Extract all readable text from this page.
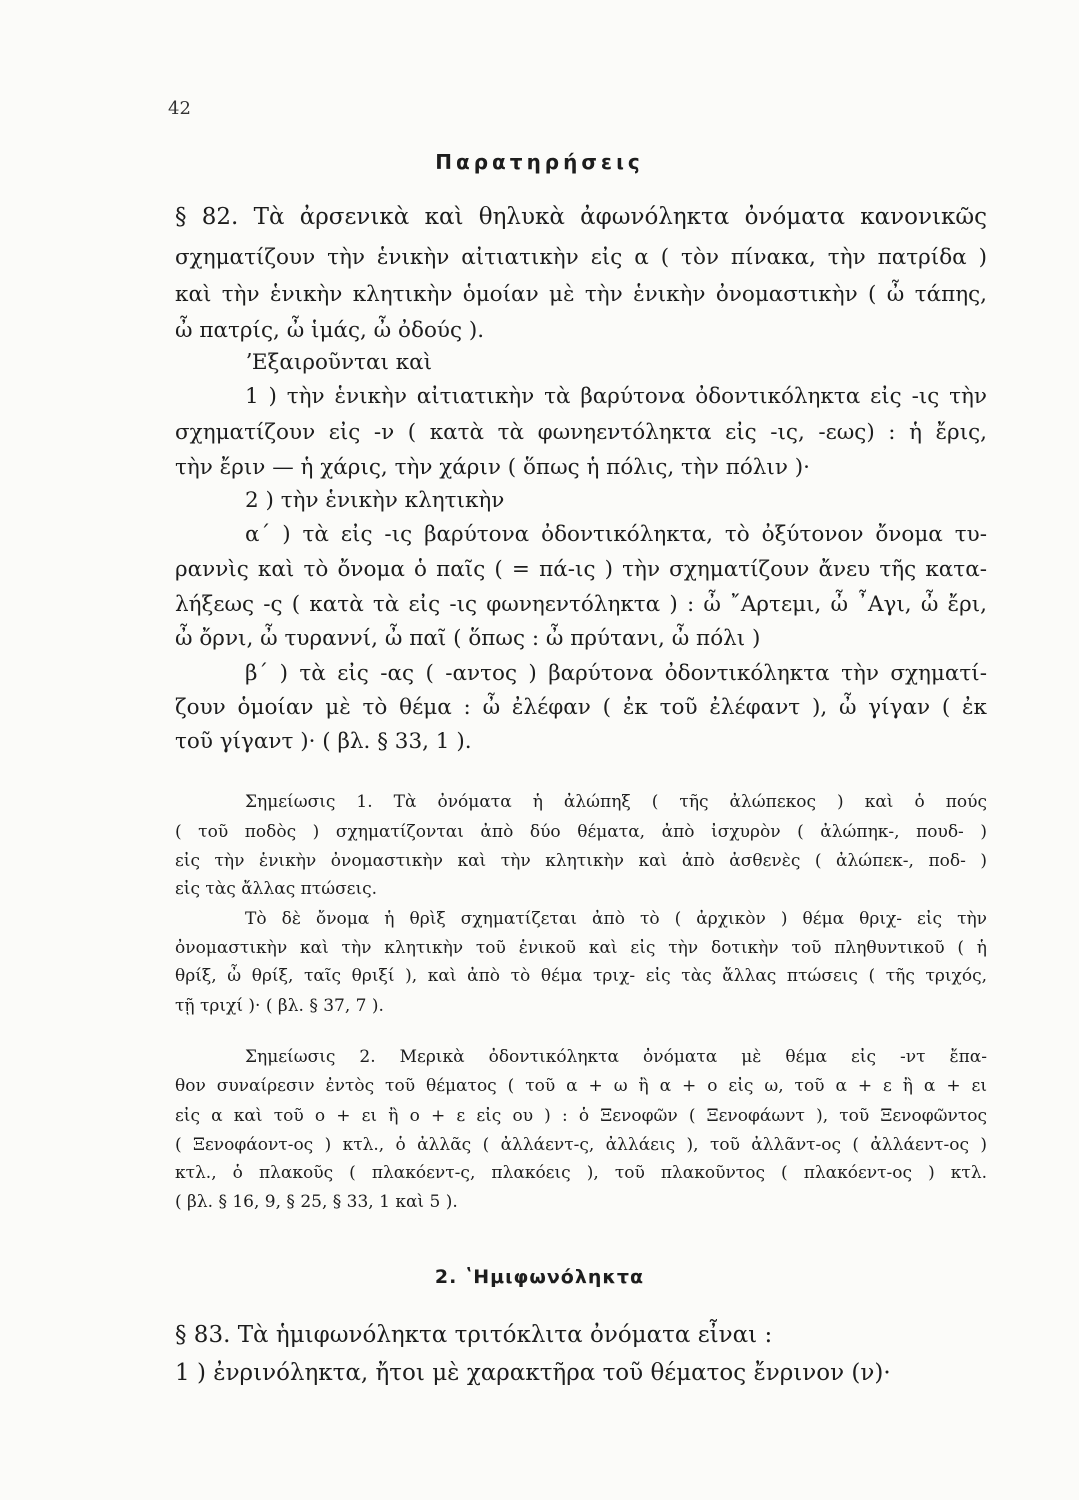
42
Παρατηρήσεις
§ 82. Τὰ ἀρσενικὰ καὶ θηλυκὰ ἀφωνόληκτα ὀνόματα κανονικῶς
σχηματίζουν τὴν ἑνικὴν αἰτιατικὴν εἰς α ( τὸν πίνακα, τὴν πατρίδα )
καὶ τὴν ἑνικὴν κλητικὴν ὁμοίαν μὲ τὴν ἑνικὴν ὀνομαστικὴν ( ὦ τάπης,
ὦ πατρίς, ὦ ἱμάς, ὦ ὀδούς ).
ʼΕξαιροῦνται καὶ
1 ) τὴν ἑνικὴν αἰτιατικὴν τὰ βαρύτονα ὀδοντικόληκτα εἰς -ις τὴν
σχηματίζουν εἰς -ν ( κατὰ τὰ φωνηεντόληκτα εἰς -ις, -εως) : ἡ ἔρις,
τὴν ἔριν — ἡ χάρις, τὴν χάριν ( ὅπως ἡ πόλις, τὴν πόλιν )·
2 ) τὴν ἑνικὴν κλητικὴν
α΄ ) τὰ εἰς -ις βαρύτονα ὀδοντικόληκτα, τὸ ὀξύτονον ὄνομα τυ-
ραννὶς καὶ τὸ ὄνομα ὁ παῖς ( = πά-ις ) τὴν σχηματίζουν ἄνευ τῆς κατα-
λήξεως -ς ( κατὰ τὰ εἰς -ις φωνηεντόληκτα ) : ὦ ῎Αρτεμι, ὦ ῏Αγι, ὦ ἔρι,
ὦ ὄρνι, ὦ τυραννί, ὦ παῖ ( ὅπως : ὦ πρύτανι, ὦ πόλι )
β΄ ) τὰ εἰς -ας ( -αντος ) βαρύτονα ὀδοντικόληκτα τὴν σχηματί-
ζουν ὁμοίαν μὲ τὸ θέμα : ὦ ἐλέφαν ( ἐκ τοῦ ἐλέφαντ ), ὦ γίγαν ( ἐκ
τοῦ γίγαντ )· ( βλ. § 33, 1 ).
Σημείωσις 1. Τὰ ὀνόματα ἡ ἀλώπηξ ( τῆς ἀλώπεκος ) καὶ ὁ πούς
( τοῦ ποδὸς ) σχηματίζονται ἀπὸ δύο θέματα, ἀπὸ ἰσχυρὸν ( ἀλώπηκ-, πουδ- )
εἰς τὴν ἑνικὴν ὀνομαστικὴν καὶ τὴν κλητικὴν καὶ ἀπὸ ἀσθενὲς ( ἀλώπεκ-, ποδ- )
εἰς τὰς ἄλλας πτώσεις.
Τὸ δὲ ὄνομα ἡ θρὶξ σχηματίζεται ἀπὸ τὸ ( ἀρχικὸν ) θέμα θριχ- εἰς τὴν
ὀνομαστικὴν καὶ τὴν κλητικὴν τοῦ ἑνικοῦ καὶ εἰς τὴν δοτικὴν τοῦ πληθυντικοῦ ( ἡ
θρίξ, ὦ θρίξ, ταῖς θριξί ), καὶ ἀπὸ τὸ θέμα τριχ- εἰς τὰς ἄλλας πτώσεις ( τῆς τριχός,
τῇ τριχί )· ( βλ. § 37, 7 ).
Σημείωσις 2. Μερικὰ ὀδοντικόληκτα ὀνόματα μὲ θέμα εἰς -ντ ἔπα-
θον συναίρεσιν ἐντὸς τοῦ θέματος ( τοῦ α + ω ἢ α + ο εἰς ω, τοῦ α + ε ἢ α + ει
εἰς α καὶ τοῦ ο + ει ἢ ο + ε εἰς ου ) : ὁ Ξενοφῶν ( Ξενοφάωντ ), τοῦ Ξενοφῶντος
( Ξενοφάοντ-ος ) κτλ., ὁ ἀλλᾶς ( ἀλλάεντ-ς, ἀλλάεις ), τοῦ ἀλλᾶντ-ος ( ἀλλάεντ-ος )
κτλ., ὁ πλακοῦς ( πλακόεντ-ς, πλακόεις ), τοῦ πλακοῦντος ( πλακόεντ-ος ) κτλ.
( βλ. § 16, 9, § 25, § 33, 1 καὶ 5 ).
2. ʽΗμιφωνόληκτα
§ 83. Τὰ ἡμιφωνόληκτα τριτόκλιτα ὀνόματα εἶναι :
1 ) ἐνρινόληκτα, ἤτοι μὲ χαρακτῆρα τοῦ θέματος ἔνρινον (ν)·
